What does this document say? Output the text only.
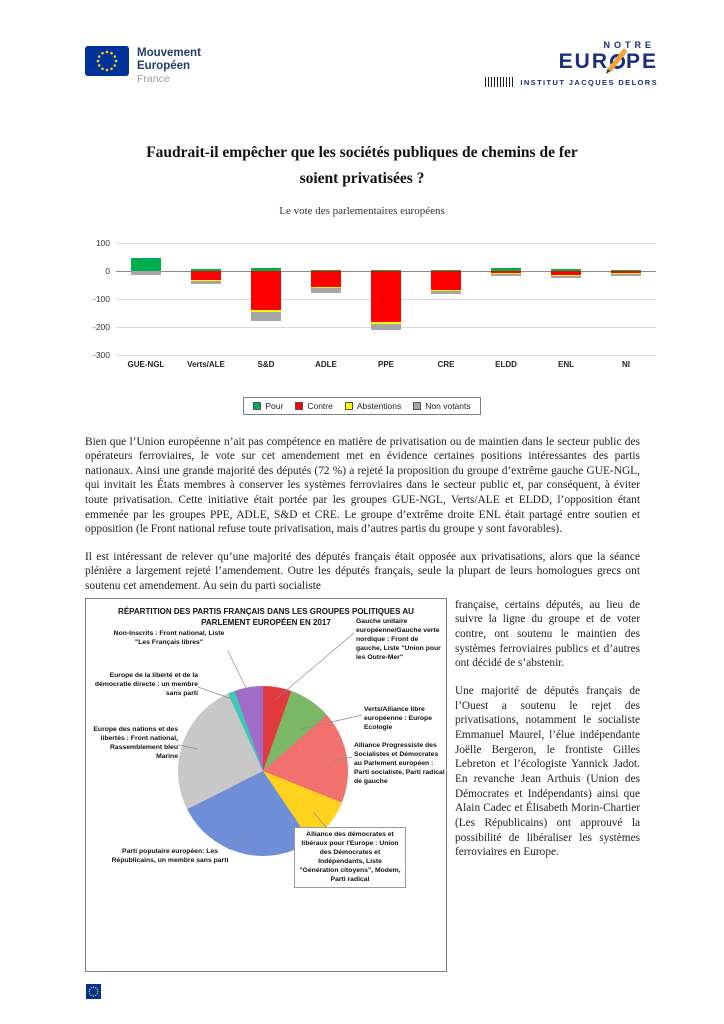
Mouvement
Européen
France
NOTRE
EUR PE
INSTITUT JACQUES DELORS
Faudrait-il empêcher que les sociétés publiques de chemins de fer
soient privatisées ?

Le vote des parlementaires européens

100
0
-100
-200
-300
GUE-NGL	Verts/ALE	S&D	ADLE	PPE	CRE	ELDD	ENL	NI
Pour	Contre	Abstentions	Non votants

Bien que l’Union européenne n’ait pas compétence en matière de privatisation ou de maintien dans le secteur public des opérateurs ferroviaires, le vote sur cet amendement met en évidence certaines positions intéressantes des partis nationaux. Ainsi une grande majorité des députés (72 %) a rejeté la proposition du groupe d’extrême gauche GUE-NGL, qui invitait les États membres à conserver les systèmes ferroviaires dans le secteur public et, par conséquent, à éviter toute privatisation. Cette initiative était portée par les groupes GUE-NGL, Verts/ALE et ELDD, l’opposition étant emmenée par les groupes PPE, ADLE, S&D et CRE. Le groupe d’extrême droite ENL était partagé entre soutien et opposition (le Front national refuse toute privatisation, mais d’autres partis du groupe y sont favorables).

Il est intéressant de relever qu’une majorité des députés français était opposée aux privatisations, alors que la séance plénière a largement rejeté l’amendement. Outre les députés français, seule la plupart de leurs homologues grecs ont soutenu cet amendement. Au sein du parti socialiste

RÉPARTITION DES PARTIS FRANÇAIS DANS LES GROUPES POLITIQUES AU PARLEMENT EUROPÉEN EN 2017	Gauche unitaire européenne/Gauche verte nordique : Front de gauche, Liste "Union pour les Outre-Mer"
Verts/Alliance libre européenne : Europe Ecologie
Alliance Progressiste des Socialistes et Démocrates au Parlement européen : Parti socialiste, Parti radical de gauche
Alliance des démocrates et libéraux pour l'Europe : Union des Démocrates et Indépendants, Liste "Génération citoyens", Modem, Parti radical
Parti populaire européen: Les Républicains, un membre sans parti
Europe des nations et des libertés : Front national, Rassemblement bleu Marine
Europe de la liberté et de la démocratie directe : un membre sans parti
Non-Inscrits : Front national, Liste "Les Français libres"

française, certains députés, au lieu de suivre la ligne du groupe et de voter contre, ont soutenu le maintien des systèmes ferroviaires publics et d’autres ont décidé de s’abstenir.

Une majorité de députés français de l’Ouest a soutenu le rejet des privatisations, notamment le socialiste Emmanuel Maurel, l’élue indépendante Joëlle Bergeron, le frontiste Gilles Lebreton et l’écologiste Yannick Jadot. En revanche Jean Arthuis (Union des Démocrates et Indépendants) ainsi que Alain Cadec et Élisabeth Morin-Chartier (Les Républicains) ont approuvé la possibilité de libéraliser les systèmes ferroviaires en Europe.
